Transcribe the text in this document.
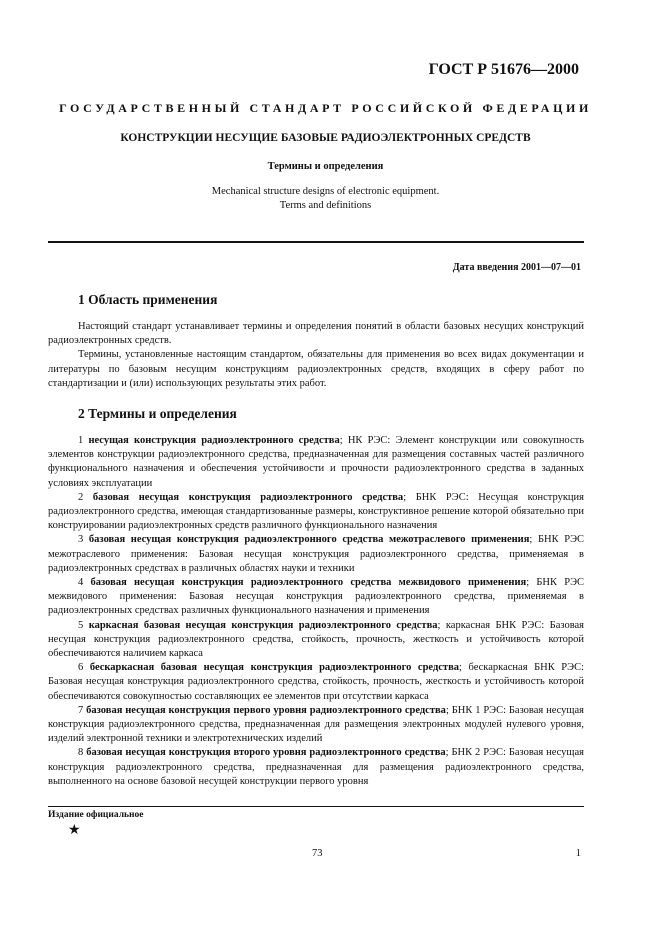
ГОСТ Р 51676—2000
ГОСУДАРСТВЕННЫЙ СТАНДАРТ РОССИЙСКОЙ ФЕДЕРАЦИИ
КОНСТРУКЦИИ НЕСУЩИЕ БАЗОВЫЕ РАДИОЭЛЕКТРОННЫХ СРЕДСТВ
Термины и определения
Mechanical structure designs of electronic equipment.
Terms and definitions
Дата введения 2001—07—01
1 Область применения

Настоящий стандарт устанавливает термины и определения понятий в области базовых несущих конструкций радиоэлектронных средств.

Термины, установленные настоящим стандартом, обязательны для применения во всех видах документации и литературы по базовым несущим конструкциям радиоэлектронных средств, входящих в сферу работ по стандартизации и (или) использующих результаты этих работ.

2 Термины и определения

1 несущая конструкция радиоэлектронного средства; НК РЭС: Элемент конструкции или совокупность элементов конструкции радиоэлектронного средства, предназначенная для размещения составных частей различного функционального назначения и обеспечения устойчивости и прочности радиоэлектронного средства в заданных условиях эксплуатации

2 базовая несущая конструкция радиоэлектронного средства; БНК РЭС: Несущая конструкция радиоэлектронного средства, имеющая стандартизованные размеры, конструктивное решение которой обязательно при конструировании радиоэлектронных средств различного функционального назначения

3 базовая несущая конструкция радиоэлектронного средства межотраслевого применения; БНК РЭС межотраслевого применения: Базовая несущая конструкция радиоэлектронного средства, применяемая в радиоэлектронных средствах в различных областях науки и техники

4 базовая несущая конструкция радиоэлектронного средства межвидового применения; БНК РЭС межвидового применения: Базовая несущая конструкция радиоэлектронного средства, применяемая в радиоэлектронных средствах различных функционального назначения и применения

5 каркасная базовая несущая конструкция радиоэлектронного средства; каркасная БНК РЭС: Базовая несущая конструкция радиоэлектронного средства, стойкость, прочность, жесткость и устойчивость которой обеспечиваются наличием каркаса

6 бескаркасная базовая несущая конструкция радиоэлектронного средства; бескаркасная БНК РЭС: Базовая несущая конструкция радиоэлектронного средства, стойкость, прочность, жесткость и устойчивость которой обеспечиваются совокупностью составляющих ее элементов при отсутствии каркаса

7 базовая несущая конструкция первого уровня радиоэлектронного средства; БНК 1 РЭС: Базовая несущая конструкция радиоэлектронного средства, предназначенная для размещения электронных модулей нулевого уровня, изделий электронной техники и электротехнических изделий

8 базовая несущая конструкция второго уровня радиоэлектронного средства; БНК 2 РЭС: Базовая несущая конструкция радиоэлектронного средства, предназначенная для размещения радиоэлектронного средства, выполненного на основе базовой несущей конструкции первого уровня

Издание официальное
★
73	1
